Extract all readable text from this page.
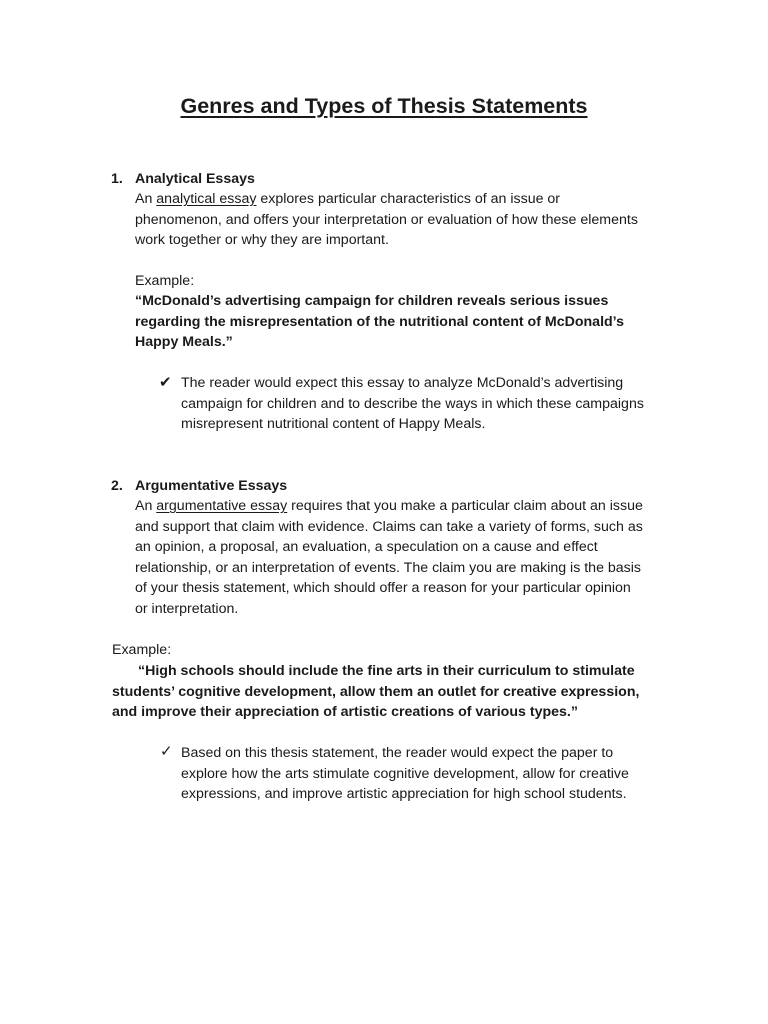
Genres and Types of Thesis Statements
1. Analytical Essays
An analytical essay explores particular characteristics of an issue or
phenomenon, and offers your interpretation or evaluation of how these elements
work together or why they are important.
Example:
“McDonald’s advertising campaign for children reveals serious issues
regarding the misrepresentation of the nutritional content of McDonald’s
Happy Meals.”
✔ The reader would expect this essay to analyze McDonald’s advertising
campaign for children and to describe the ways in which these campaigns
misrepresent nutritional content of Happy Meals.
2. Argumentative Essays
An argumentative essay requires that you make a particular claim about an issue
and support that claim with evidence. Claims can take a variety of forms, such as
an opinion, a proposal, an evaluation, a speculation on a cause and effect
relationship, or an interpretation of events. The claim you are making is the basis
of your thesis statement, which should offer a reason for your particular opinion
or interpretation.
Example:
“High schools should include the fine arts in their curriculum to stimulate
students’ cognitive development, allow them an outlet for creative expression,
and improve their appreciation of artistic creations of various types.”
✓ Based on this thesis statement, the reader would expect the paper to
explore how the arts stimulate cognitive development, allow for creative
expressions, and improve artistic appreciation for high school students.
